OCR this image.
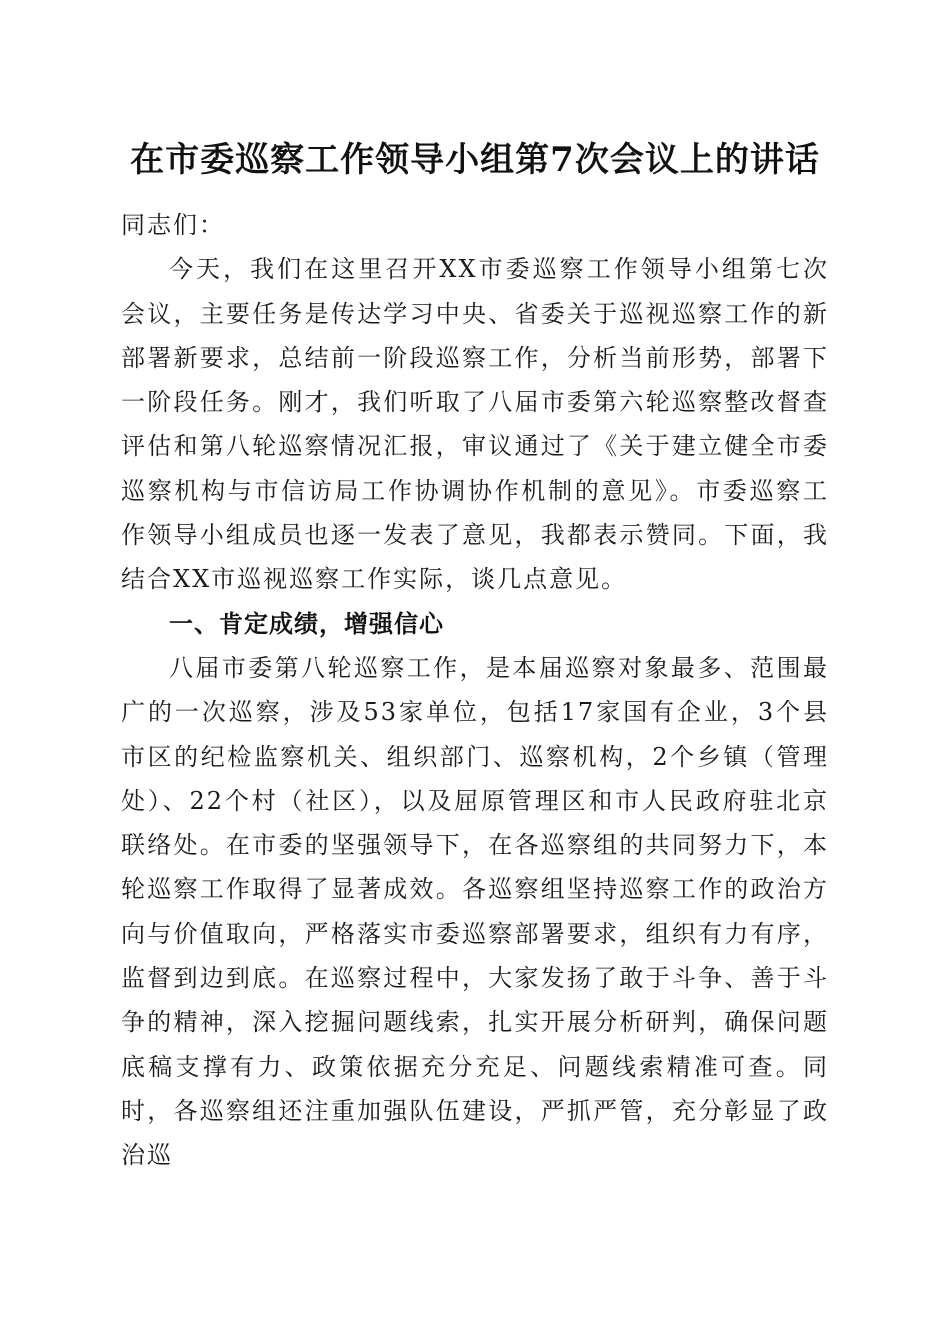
在市委巡察工作领导小组第7次会议上的讲话

同志们：

今天，我们在这里召开XX市委巡察工作领导小组第七次会议，主要任务是传达学习中央、省委关于巡视巡察工作的新部署新要求，总结前一阶段巡察工作，分析当前形势，部署下一阶段任务。刚才，我们听取了八届市委第六轮巡察整改督查评估和第八轮巡察情况汇报，审议通过了《关于建立健全市委巡察机构与市信访局工作协调协作机制的意见》。市委巡察工作领导小组成员也逐一发表了意见，我都表示赞同。下面，我结合XX市巡视巡察工作实际，谈几点意见。

一、肯定成绩，增强信心

八届市委第八轮巡察工作，是本届巡察对象最多、范围最广的一次巡察，涉及53家单位，包括17家国有企业，3个县市区的纪检监察机关、组织部门、巡察机构，2个乡镇（管理处）、22个村（社区），以及屈原管理区和市人民政府驻北京联络处。在市委的坚强领导下，在各巡察组的共同努力下，本轮巡察工作取得了显著成效。各巡察组坚持巡察工作的政治方向与价值取向，严格落实市委巡察部署要求，组织有力有序，监督到边到底。在巡察过程中，大家发扬了敢于斗争、善于斗争的精神，深入挖掘问题线索，扎实开展分析研判，确保问题底稿支撑有力、政策依据充分充足、问题线索精准可查。同时，各巡察组还注重加强队伍建设，严抓严管，充分彰显了政治巡
